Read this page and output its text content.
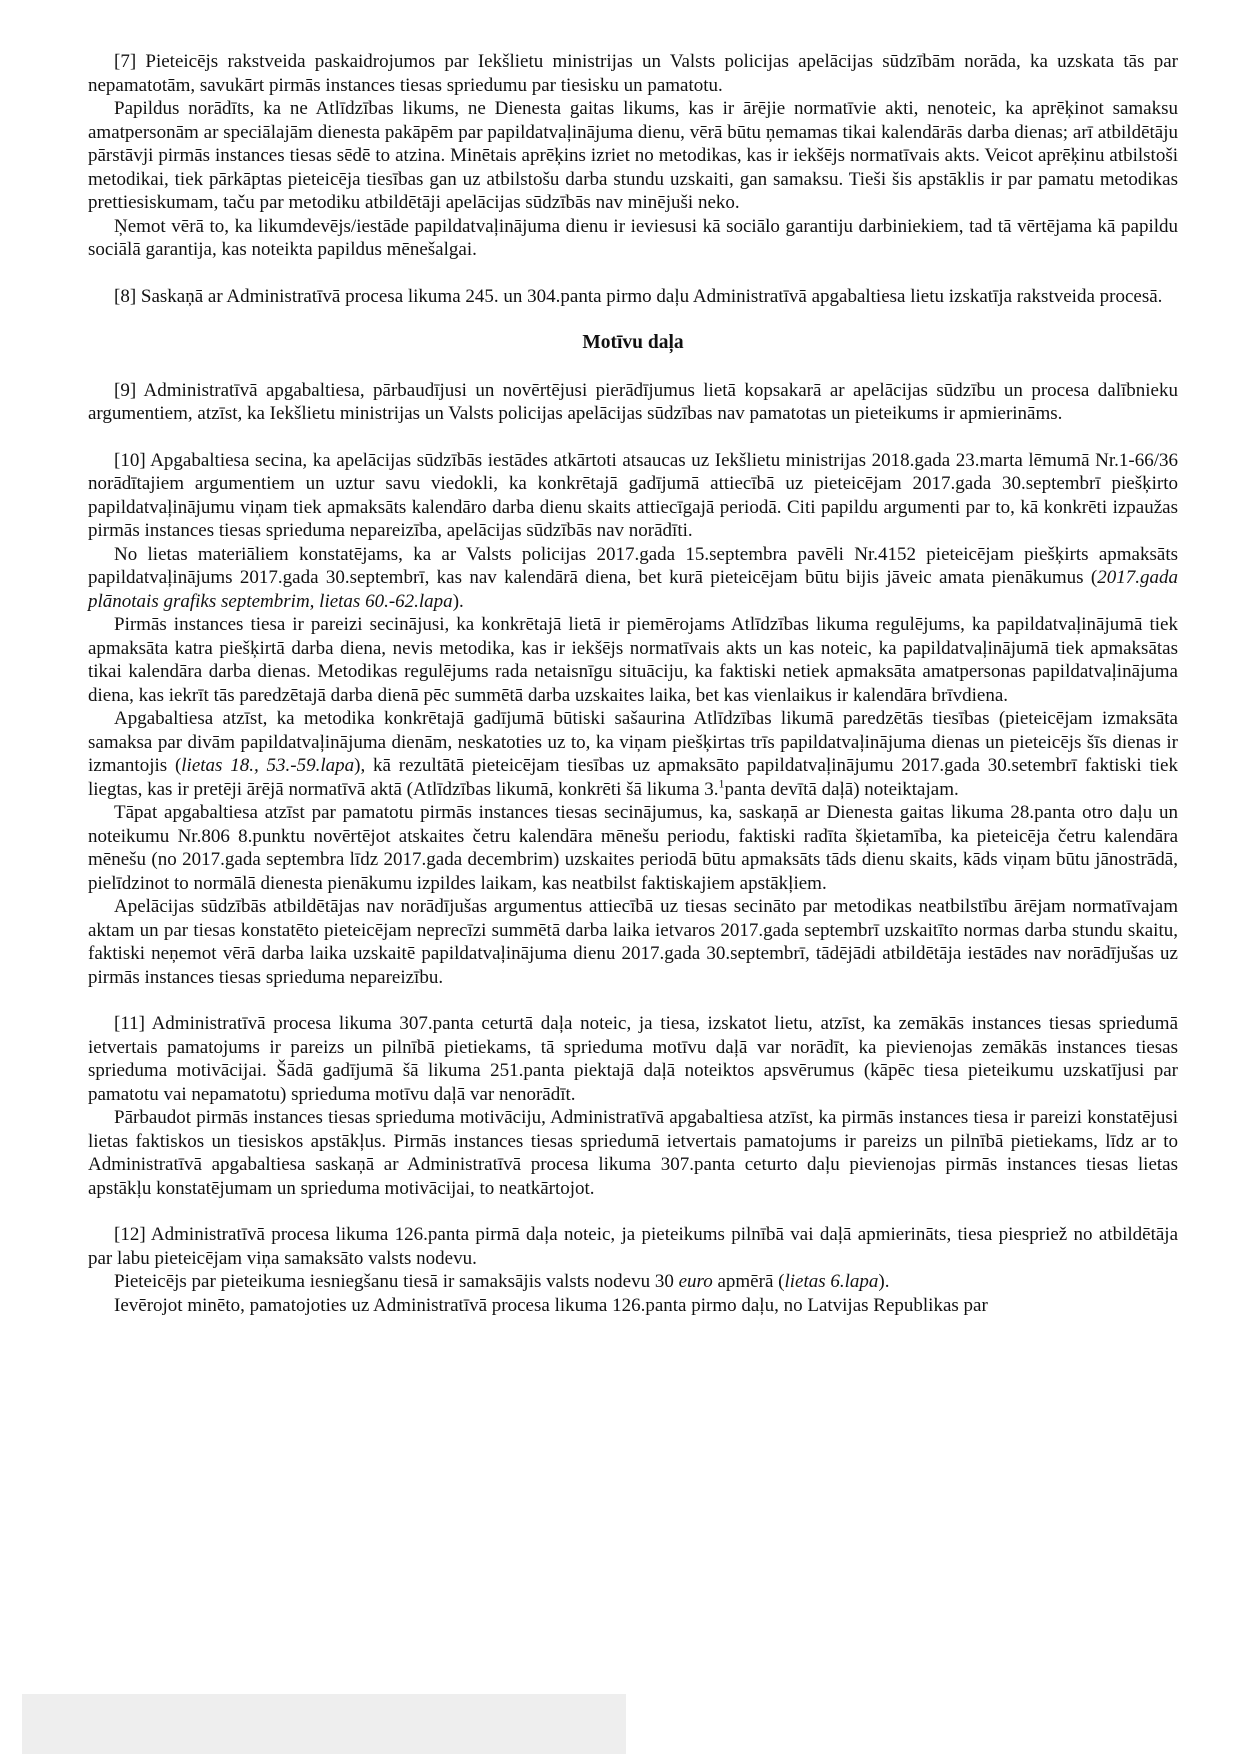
[7] Pieteicējs rakstveida paskaidrojumos par Iekšlietu ministrijas un Valsts policijas apelācijas sūdzībām norāda, ka uzskata tās par nepamatotām, savukārt pirmās instances tiesas spriedumu par tiesisku un pamatotu.

Papildus norādīts, ka ne Atlīdzības likums, ne Dienesta gaitas likums, kas ir ārējie normatīvie akti, nenoteic, ka aprēķinot samaksu amatpersonām ar speciālajām dienesta pakāpēm par papildatvaļinājuma dienu, vērā būtu ņemamas tikai kalendārās darba dienas; arī atbildētāju pārstāvji pirmās instances tiesas sēdē to atzina. Minētais aprēķins izriet no metodikas, kas ir iekšējs normatīvais akts. Veicot aprēķinu atbilstoši metodikai, tiek pārkāptas pieteicēja tiesības gan uz atbilstošu darba stundu uzskaiti, gan samaksu. Tieši šis apstāklis ir par pamatu metodikas prettiesiskumam, taču par metodiku atbildētāji apelācijas sūdzībās nav minējuši neko.

Ņemot vērā to, ka likumdevējs/iestāde papildatvaļinājuma dienu ir ieviesusi kā sociālo garantiju darbiniekiem, tad tā vērtējama kā papildu sociālā garantija, kas noteikta papildus mēnešalgai.

[8] Saskaņā ar Administratīvā procesa likuma 245. un 304.panta pirmo daļu Administratīvā apgabaltiesa lietu izskatīja rakstveida procesā.

Motīvu daļa

[9] Administratīvā apgabaltiesa, pārbaudījusi un novērtējusi pierādījumus lietā kopsakarā ar apelācijas sūdzību un procesa dalībnieku argumentiem, atzīst, ka Iekšlietu ministrijas un Valsts policijas apelācijas sūdzības nav pamatotas un pieteikums ir apmierināms.

[10] Apgabaltiesa secina, ka apelācijas sūdzībās iestādes atkārtoti atsaucas uz Iekšlietu ministrijas 2018.gada 23.marta lēmumā Nr.1-66/36 norādītajiem argumentiem un uztur savu viedokli, ka konkrētajā gadījumā attiecībā uz pieteicējam 2017.gada 30.septembrī piešķirto papildatvaļinājumu viņam tiek apmaksāts kalendāro darba dienu skaits attiecīgajā periodā. Citi papildu argumenti par to, kā konkrēti izpaužas pirmās instances tiesas sprieduma nepareizība, apelācijas sūdzībās nav norādīti.

No lietas materiāliem konstatējams, ka ar Valsts policijas 2017.gada 15.septembra pavēli Nr.4152 pieteicējam piešķirts apmaksāts papildatvaļinājums 2017.gada 30.septembrī, kas nav kalendārā diena, bet kurā pieteicējam būtu bijis jāveic amata pienākumus (2017.gada plānotais grafiks septembrim, lietas 60.-62.lapa).

Pirmās instances tiesa ir pareizi secinājusi, ka konkrētajā lietā ir piemērojams Atlīdzības likuma regulējums, ka papildatvaļinājumā tiek apmaksāta katra piešķirtā darba diena, nevis metodika, kas ir iekšējs normatīvais akts un kas noteic, ka papildatvaļinājumā tiek apmaksātas tikai kalendāra darba dienas. Metodikas regulējums rada netaisnīgu situāciju, ka faktiski netiek apmaksāta amatpersonas papildatvaļinājuma diena, kas iekrīt tās paredzētajā darba dienā pēc summētā darba uzskaites laika, bet kas vienlaikus ir kalendāra brīvdiena.

Apgabaltiesa atzīst, ka metodika konkrētajā gadījumā būtiski sašaurina Atlīdzības likumā paredzētās tiesības (pieteicējam izmaksāta samaksa par divām papildatvaļinājuma dienām, neskatoties uz to, ka viņam piešķirtas trīs papildatvaļinājuma dienas un pieteicējs šīs dienas ir izmantojis (lietas 18., 53.-59.lapa), kā rezultātā pieteicējam tiesības uz apmaksāto papildatvaļinājumu 2017.gada 30.setembrī faktiski tiek liegtas, kas ir pretēji ārējā normatīvā aktā (Atlīdzības likumā, konkrēti šā likuma 3.$^1$panta devītā daļā) noteiktajam.

Tāpat apgabaltiesa atzīst par pamatotu pirmās instances tiesas secinājumus, ka, saskaņā ar Dienesta gaitas likuma 28.panta otro daļu un noteikumu Nr.806 8.punktu novērtējot atskaites četru kalendāra mēnešu periodu, faktiski radīta šķietamība, ka pieteicēja četru kalendāra mēnešu (no 2017.gada septembra līdz 2017.gada decembrim) uzskaites periodā būtu apmaksāts tāds dienu skaits, kāds viņam būtu jānostrādā, pielīdzinot to normālā dienesta pienākumu izpildes laikam, kas neatbilst faktiskajiem apstākļiem.

Apelācijas sūdzībās atbildētājas nav norādījušas argumentus attiecībā uz tiesas secināto par metodikas neatbilstību ārējam normatīvajam aktam un par tiesas konstatēto pieteicējam neprecīzi summētā darba laika ietvaros 2017.gada septembrī uzskaitīto normas darba stundu skaitu, faktiski neņemot vērā darba laika uzskaitē papildatvaļinājuma dienu 2017.gada 30.septembrī, tādējādi atbildētāja iestādes nav norādījušas uz pirmās instances tiesas sprieduma nepareizību.

[11] Administratīvā procesa likuma 307.panta ceturtā daļa noteic, ja tiesa, izskatot lietu, atzīst, ka zemākās instances tiesas spriedumā ietvertais pamatojums ir pareizs un pilnībā pietiekams, tā sprieduma motīvu daļā var norādīt, ka pievienojas zemākās instances tiesas sprieduma motivācijai. Šādā gadījumā šā likuma 251.panta piektajā daļā noteiktos apsvērumus (kāpēc tiesa pieteikumu uzskatījusi par pamatotu vai nepamatotu) sprieduma motīvu daļā var nenorādīt.

Pārbaudot pirmās instances tiesas sprieduma motivāciju, Administratīvā apgabaltiesa atzīst, ka pirmās instances tiesa ir pareizi konstatējusi lietas faktiskos un tiesiskos apstākļus. Pirmās instances tiesas spriedumā ietvertais pamatojums ir pareizs un pilnībā pietiekams, līdz ar to Administratīvā apgabaltiesa saskaņā ar Administratīvā procesa likuma 307.panta ceturto daļu pievienojas pirmās instances tiesas lietas apstākļu konstatējumam un sprieduma motivācijai, to neatkārtojot.

[12] Administratīvā procesa likuma 126.panta pirmā daļa noteic, ja pieteikums pilnībā vai daļā apmierināts, tiesa piespriež no atbildētāja par labu pieteicējam viņa samaksāto valsts nodevu.

Pieteicējs par pieteikuma iesniegšanu tiesā ir samaksājis valsts nodevu 30 euro apmērā (lietas 6.lapa).

Ievērojot minēto, pamatojoties uz Administratīvā procesa likuma 126.panta pirmo daļu, no Latvijas Republikas par
